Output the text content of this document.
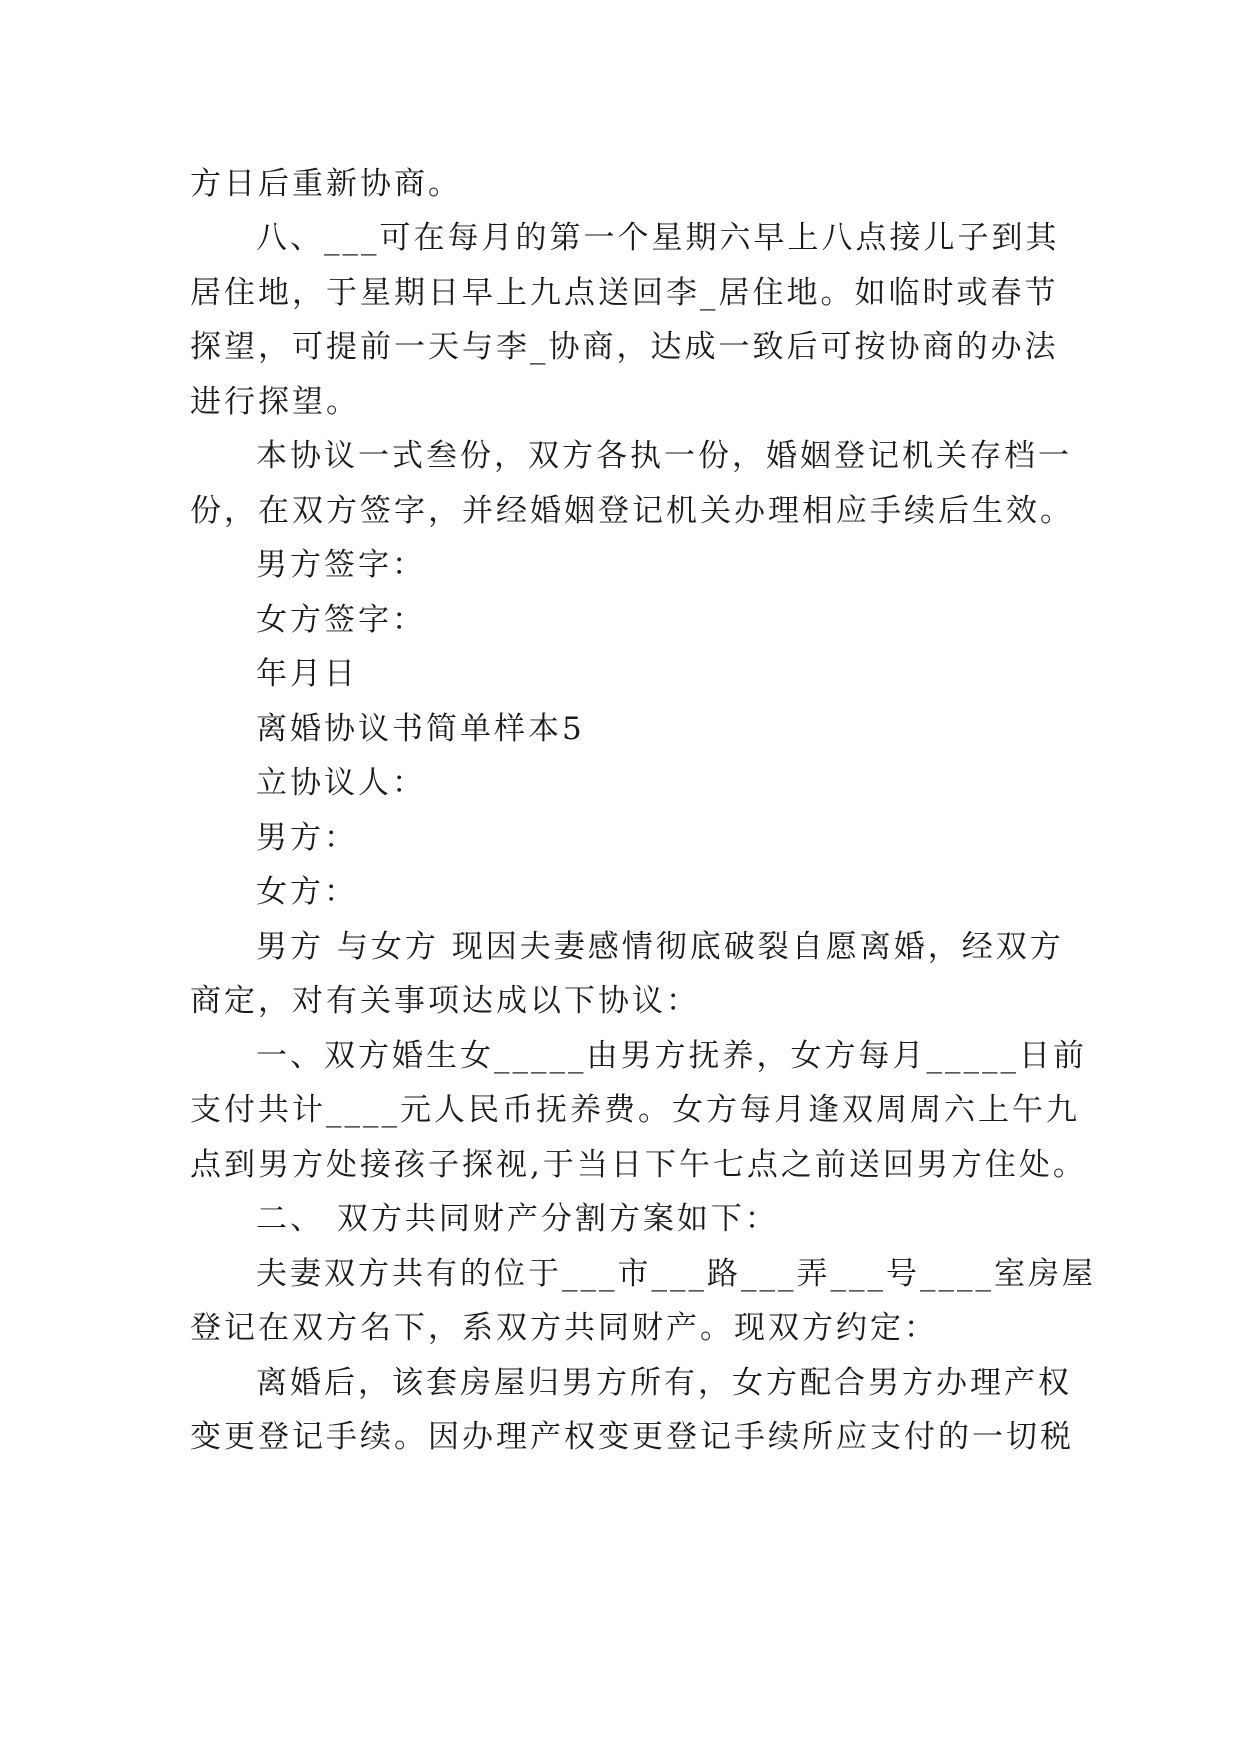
方日后重新协商。

八、___可在每月的第一个星期六早上八点接儿子到其

居住地，于星期日早上九点送回李_居住地。如临时或春节

探望，可提前一天与李_协商，达成一致后可按协商的办法

进行探望。

本协议一式叁份，双方各执一份，婚姻登记机关存档一

份，在双方签字，并经婚姻登记机关办理相应手续后生效。

男方签字：

女方签字：

年月日

离婚协议书简单样本5

立协议人：

男方：

女方：

男方 与女方 现因夫妻感情彻底破裂自愿离婚，经双方

商定，对有关事项达成以下协议：

一、双方婚生女_____由男方抚养，女方每月_____日前

支付共计____元人民币抚养费。女方每月逢双周周六上午九

点到男方处接孩子探视,于当日下午七点之前送回男方住处。

二、 双方共同财产分割方案如下：

夫妻双方共有的位于___市___路___弄___号____室房屋

登记在双方名下，系双方共同财产。现双方约定：

离婚后，该套房屋归男方所有，女方配合男方办理产权

变更登记手续。因办理产权变更登记手续所应支付的一切税
